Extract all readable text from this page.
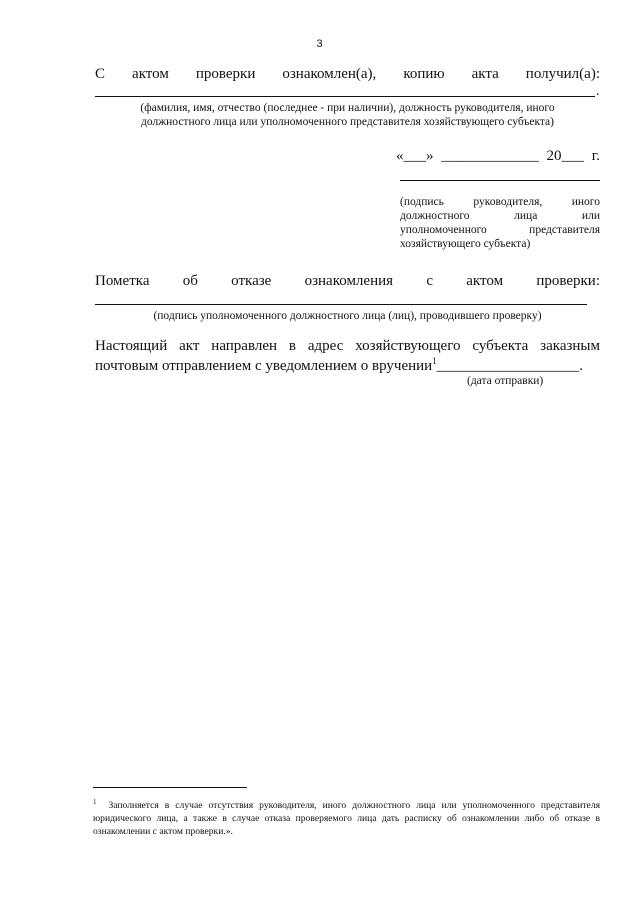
3
С актом проверки ознакомлен(а), копию акта получил(а):
.
(фамилия, имя, отчество (последнее - при наличии), должность руководителя, иного
должностного лица или уполномоченного представителя хозяйствующего субъекта)
«___» _____________ 20___ г.
(подпись	руководителя,	иного
должностного	лица	или
уполномоченного	представителя
хозяйствующего субъекта)
Пометка об отказе ознакомления с актом проверки:
(подпись уполномоченного должностного лица (лиц), проводившего проверку)
Настоящий акт направлен в адрес хозяйствующего субъекта заказным
почтовым отправлением с уведомлением о вручении$^1$___________________.
(дата отправки)
$^1$ Заполняется в случае отсутствия руководителя, иного должностного лица или уполномоченного представителя юридического лица, а также в случае отказа проверяемого лица дать расписку об ознакомлении либо об отказе в ознакомлении с актом проверки.».
